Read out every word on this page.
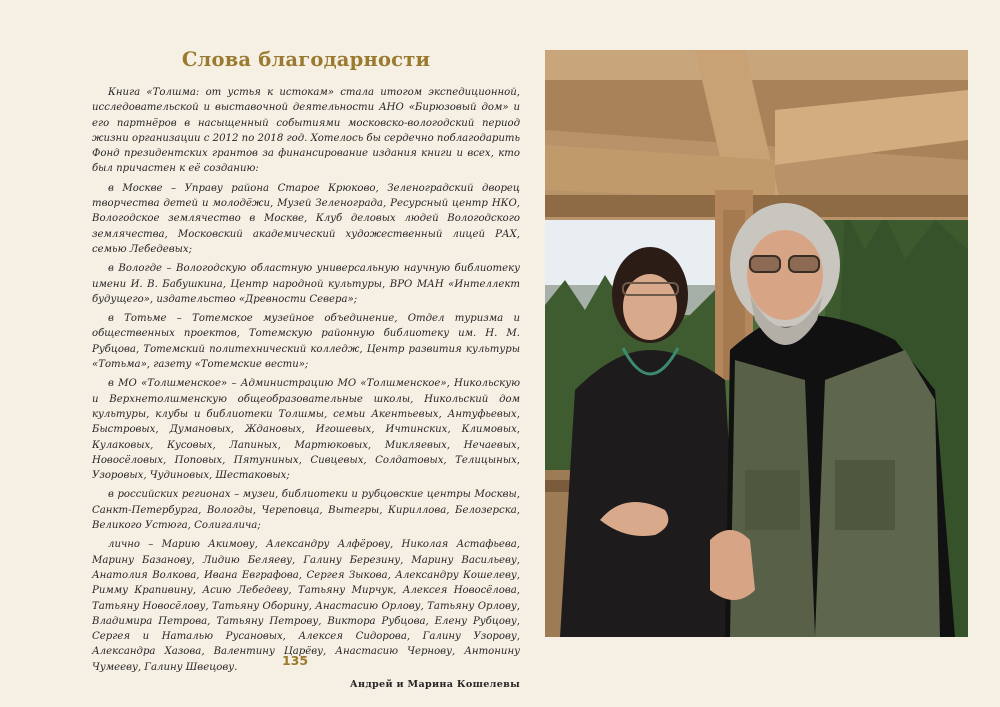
Слова благодарности

Книга «Толшма: от устья к истокам» стала итогом экспедиционной, исследовательской и выставочной деятельности АНО «Бирюзовый дом» и его партнёров в насыщенный событиями московско-вологодский период жизни организации с 2012 по 2018 год. Хотелось бы сердечно поблагодарить Фонд президентских грантов за финансирование издания книги и всех, кто был причастен к её созданию:

в Москве – Управу района Старое Крюково, Зеленоградский дворец творчества детей и молодёжи, Музей Зеленограда, Ресурсный центр НКО, Вологодское землячество в Москве, Клуб деловых людей Вологодского землячества, Московский академический художественный лицей РАХ, семью Лебедевых;

в Вологде – Вологодскую областную универсальную научную библиотеку имени И. В. Бабушкина, Центр народной культуры, ВРО МАН «Интеллект будущего», издательство «Древности Севера»;

в Тотьме – Тотемское музейное объединение, Отдел туризма и общественных проектов, Тотемскую районную библиотеку им. Н. М. Рубцова, Тотемский политехнический колледж, Центр развития культуры «Тотьма», газету «Тотемские вести»;

в МО «Толшменское» – Администрацию МО «Толшменское», Никольскую и Верхнетолшменскую общеобразовательные школы, Никольский дом культуры, клубы и библиотеки Толшмы, семьи Акентьевых, Антуфьевых, Быстровых, Думановых, Ждановых, Игошевых, Ичтинских, Климовых, Кулаковых, Кусовых, Лапиных, Мартюковых, Микляевых, Нечаевых, Новосёловых, Поповых, Пятуниных, Сивцевых, Солдатовых, Телицыных, Узоровых, Чудиновых, Шестаковых;

в российских регионах – музеи, библиотеки и рубцовские центры Москвы, Санкт-Петербурга, Вологды, Череповца, Вытегры, Кириллова, Белозерска, Великого Устюга, Солигалича;

лично – Марию Акимову, Александру Алфёрову, Николая Астафьева, Марину Базанову, Лидию Беляеву, Галину Березину, Марину Васильеву, Анатолия Волкова, Ивана Евграфова, Сергея Зыкова, Александру Кошелеву, Римму Крапивину, Асию Лебедеву, Татьяну Мирчук, Алексея Новосёлова, Татьяну Новосёлову, Татьяну Оборину, Анастасию Орлову, Татьяну Орлову, Владимира Петрова, Татьяну Петрову, Виктора Рубцова, Елену Рубцову, Сергея и Наталью Русановых, Алексея Сидорова, Галину Узорову, Александра Хазова, Валентину Царёву, Анастасию Чернову, Антонину Чумееву, Галину Швецову.

Андрей и Марина Кошелевы
135
